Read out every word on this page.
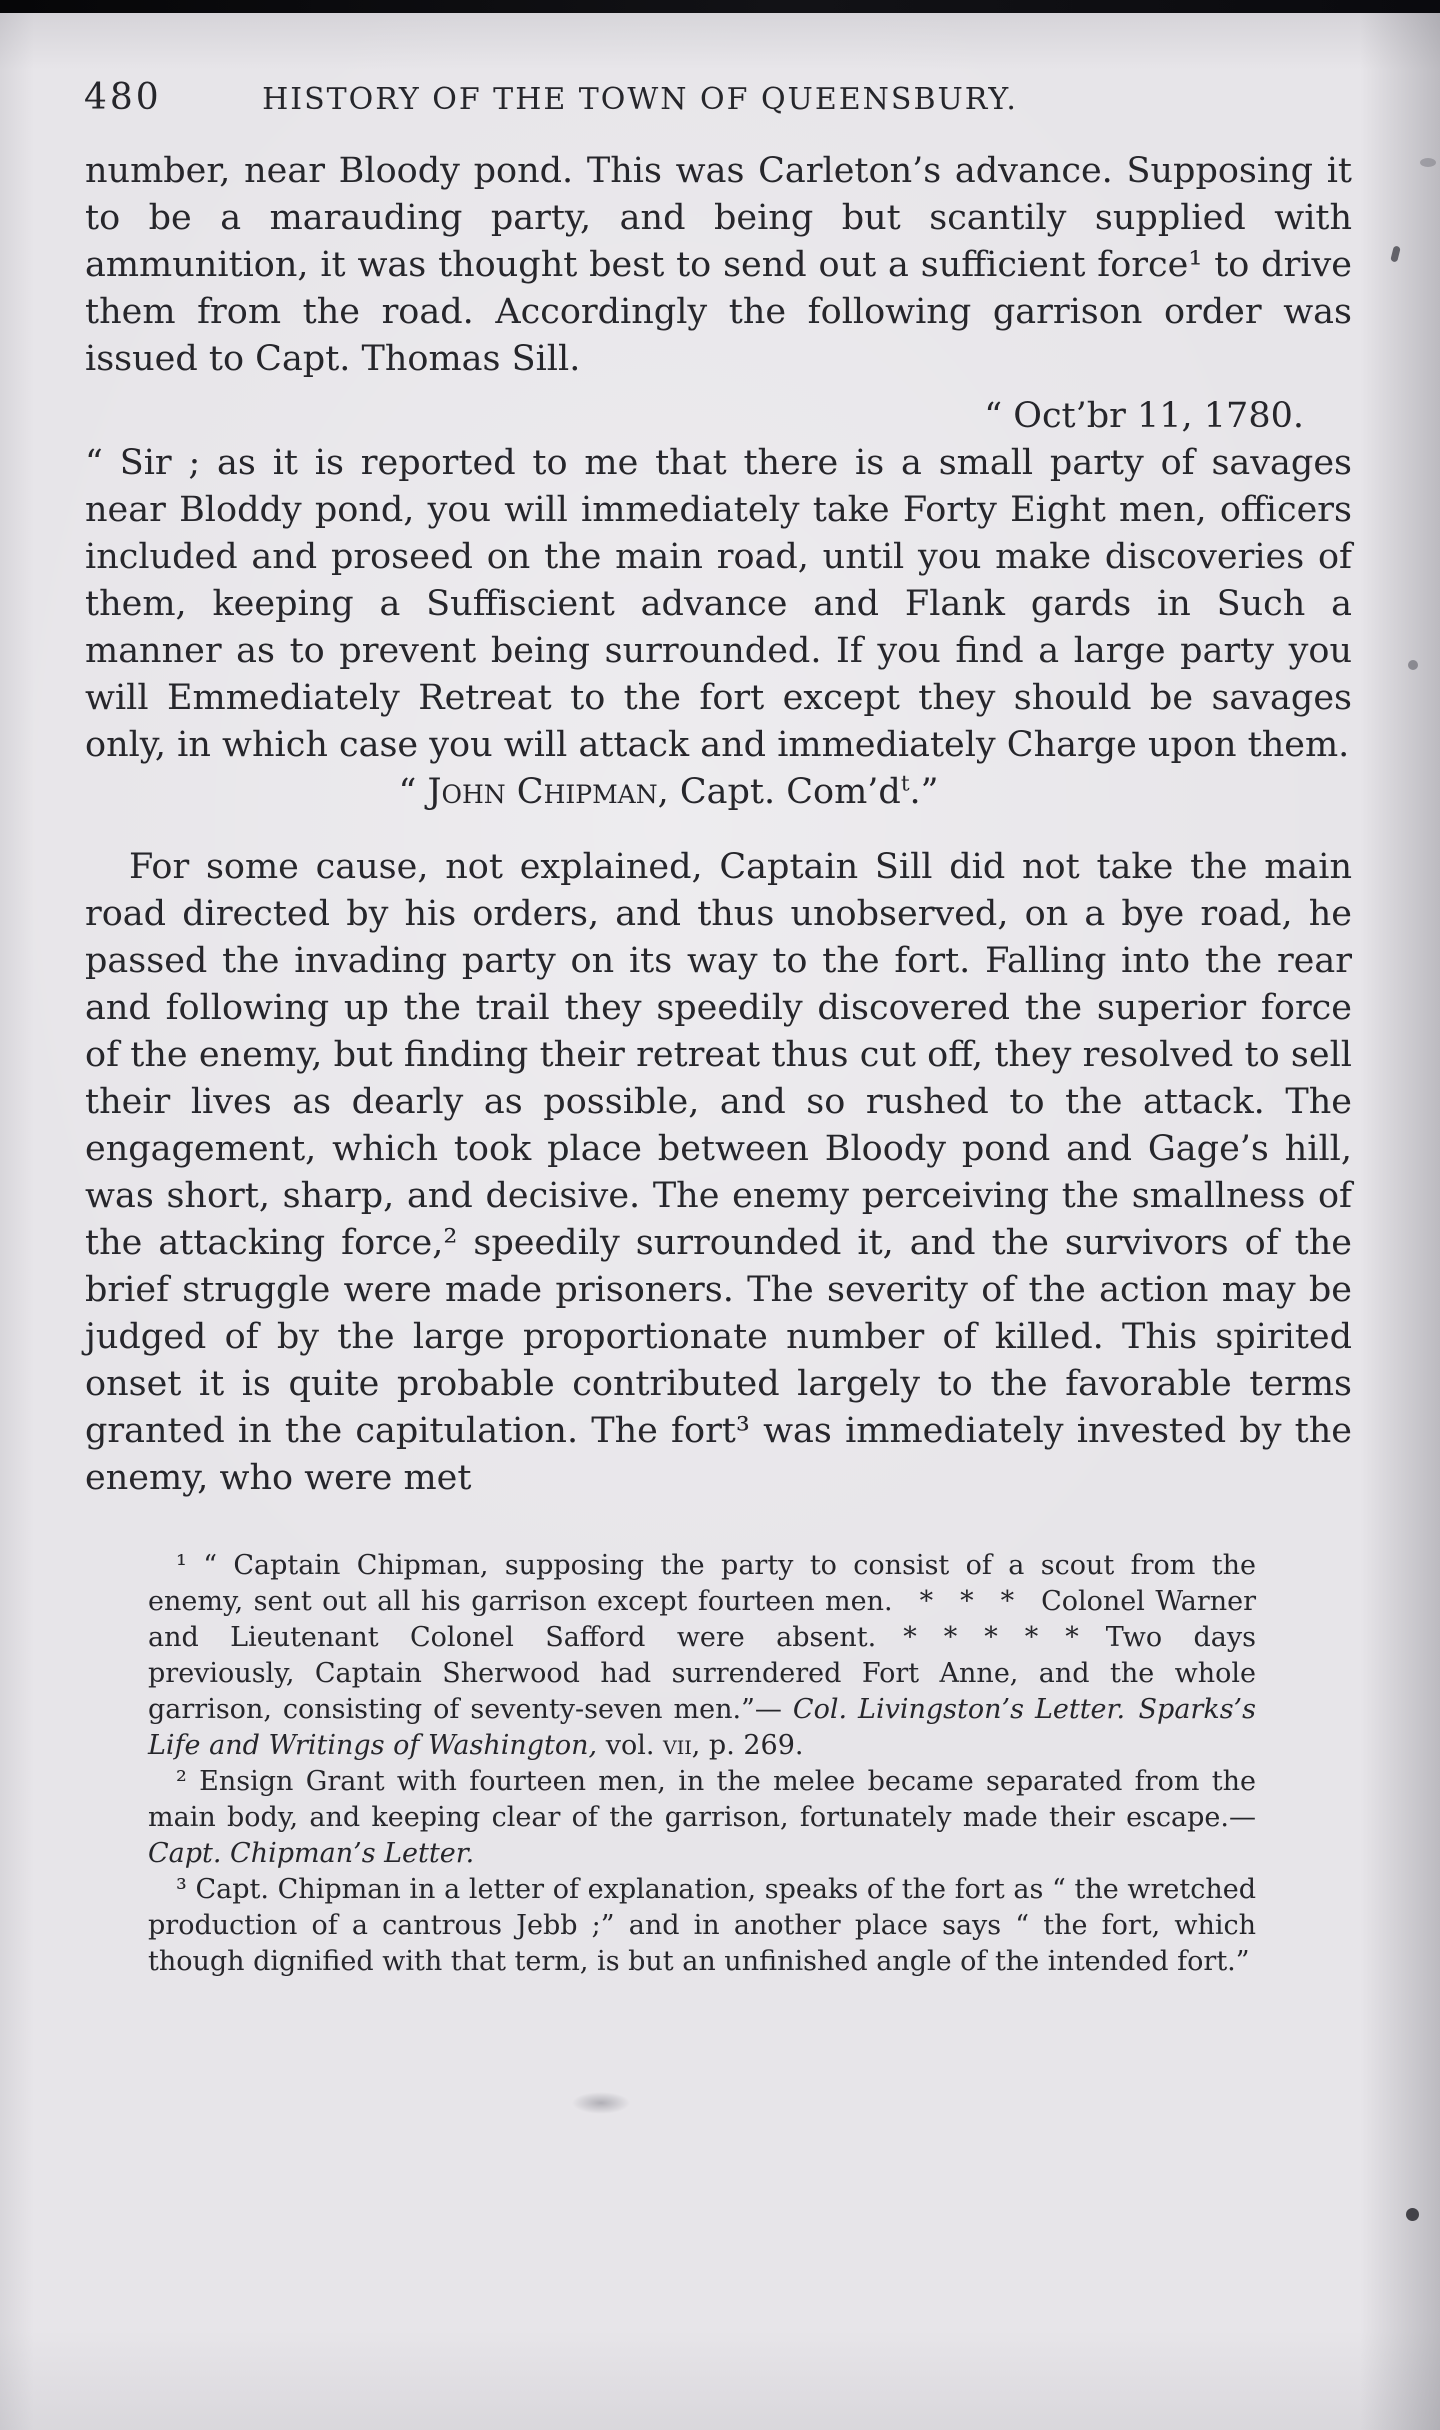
480	HISTORY OF THE TOWN OF QUEENSBURY.

number, near Bloody pond. This was Carleton’s advance. Supposing it to be a marauding party, and being but scantily supplied with ammunition, it was thought best to send out a sufficient force¹ to drive them from the road. Accordingly the following garrison order was issued to Capt. Thomas Sill.

“ Oct’br 11, 1780.

“ Sir ; as it is reported to me that there is a small party of savages near Bloddy pond, you will immediately take Forty Eight men, officers included and proseed on the main road, until you make discoveries of them, keeping a Suffiscient advance and Flank gards in Such a manner as to prevent being surrounded. If you find a large party you will Emmediately Retreat to the fort except they should be savages only, in which case you will attack and immediately Charge upon them.

“ John Chipman, Capt. $Com’d^t$.”

For some cause, not explained, Captain Sill did not take the main road directed by his orders, and thus unobserved, on a bye road, he passed the invading party on its way to the fort. Falling into the rear and following up the trail they speedily discovered the superior force of the enemy, but finding their retreat thus cut off, they resolved to sell their lives as dearly as possible, and so rushed to the attack. The engagement, which took place between Bloody pond and Gage’s hill, was short, sharp, and decisive. The enemy perceiving the smallness of the attacking force,² speedily surrounded it, and the survivors of the brief struggle were made prisoners. The severity of the action may be judged of by the large proportionate number of killed. This spirited onset it is quite probable contributed largely to the favorable terms granted in the capitulation. The fort³ was immediately invested by the enemy, who were met

¹ “ Captain Chipman, supposing the party to consist of a scout from the enemy, sent out all his garrison except fourteen men. * * * Colonel Warner and Lieutenant Colonel Safford were absent. * * * * * Two days previously, Captain Sherwood had surrendered Fort Anne, and the whole garrison, consisting of seventy-seven men.”— Col. Livingston’s Letter. Sparks’s Life and Writings of Washington, vol. vii, p. 269.

² Ensign Grant with fourteen men, in the melee became separated from the main body, and keeping clear of the garrison, fortunately made their escape.— Capt. Chipman’s Letter.

³ Capt. Chipman in a letter of explanation, speaks of the fort as “ the wretched production of a cantrous Jebb ;” and in another place says “ the fort, which though dignified with that term, is but an unfinished angle of the intended fort.”
